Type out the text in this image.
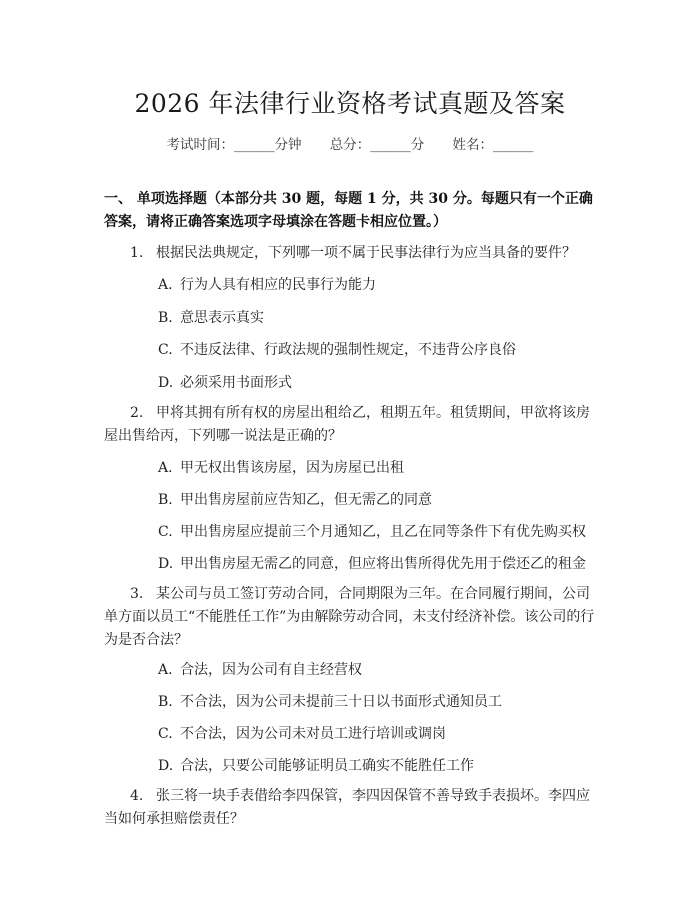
2026 年法律行业资格考试真题及答案
考试时间：______分钟 总分：______分 姓名：______
一、 单项选择题（本部分共 30 题，每题 1 分，共 30 分。每题只有一个正确答案，请将正确答案选项字母填涂在答题卡相应位置。）
1. 根据民法典规定，下列哪一项不属于民事法律行为应当具备的要件？
A. 行为人具有相应的民事行为能力
B. 意思表示真实
C. 不违反法律、行政法规的强制性规定，不违背公序良俗
D. 必须采用书面形式
2. 甲将其拥有所有权的房屋出租给乙，租期五年。租赁期间，甲欲将该房屋出售给丙，下列哪一说法是正确的？
A. 甲无权出售该房屋，因为房屋已出租
B. 甲出售房屋前应告知乙，但无需乙的同意
C. 甲出售房屋应提前三个月通知乙，且乙在同等条件下有优先购买权
D. 甲出售房屋无需乙的同意，但应将出售所得优先用于偿还乙的租金
3. 某公司与员工签订劳动合同，合同期限为三年。在合同履行期间，公司单方面以员工“不能胜任工作”为由解除劳动合同，未支付经济补偿。该公司的行为是否合法？
A. 合法，因为公司有自主经营权
B. 不合法，因为公司未提前三十日以书面形式通知员工
C. 不合法，因为公司未对员工进行培训或调岗
D. 合法，只要公司能够证明员工确实不能胜任工作
4. 张三将一块手表借给李四保管，李四因保管不善导致手表损坏。李四应当如何承担赔偿责任？
